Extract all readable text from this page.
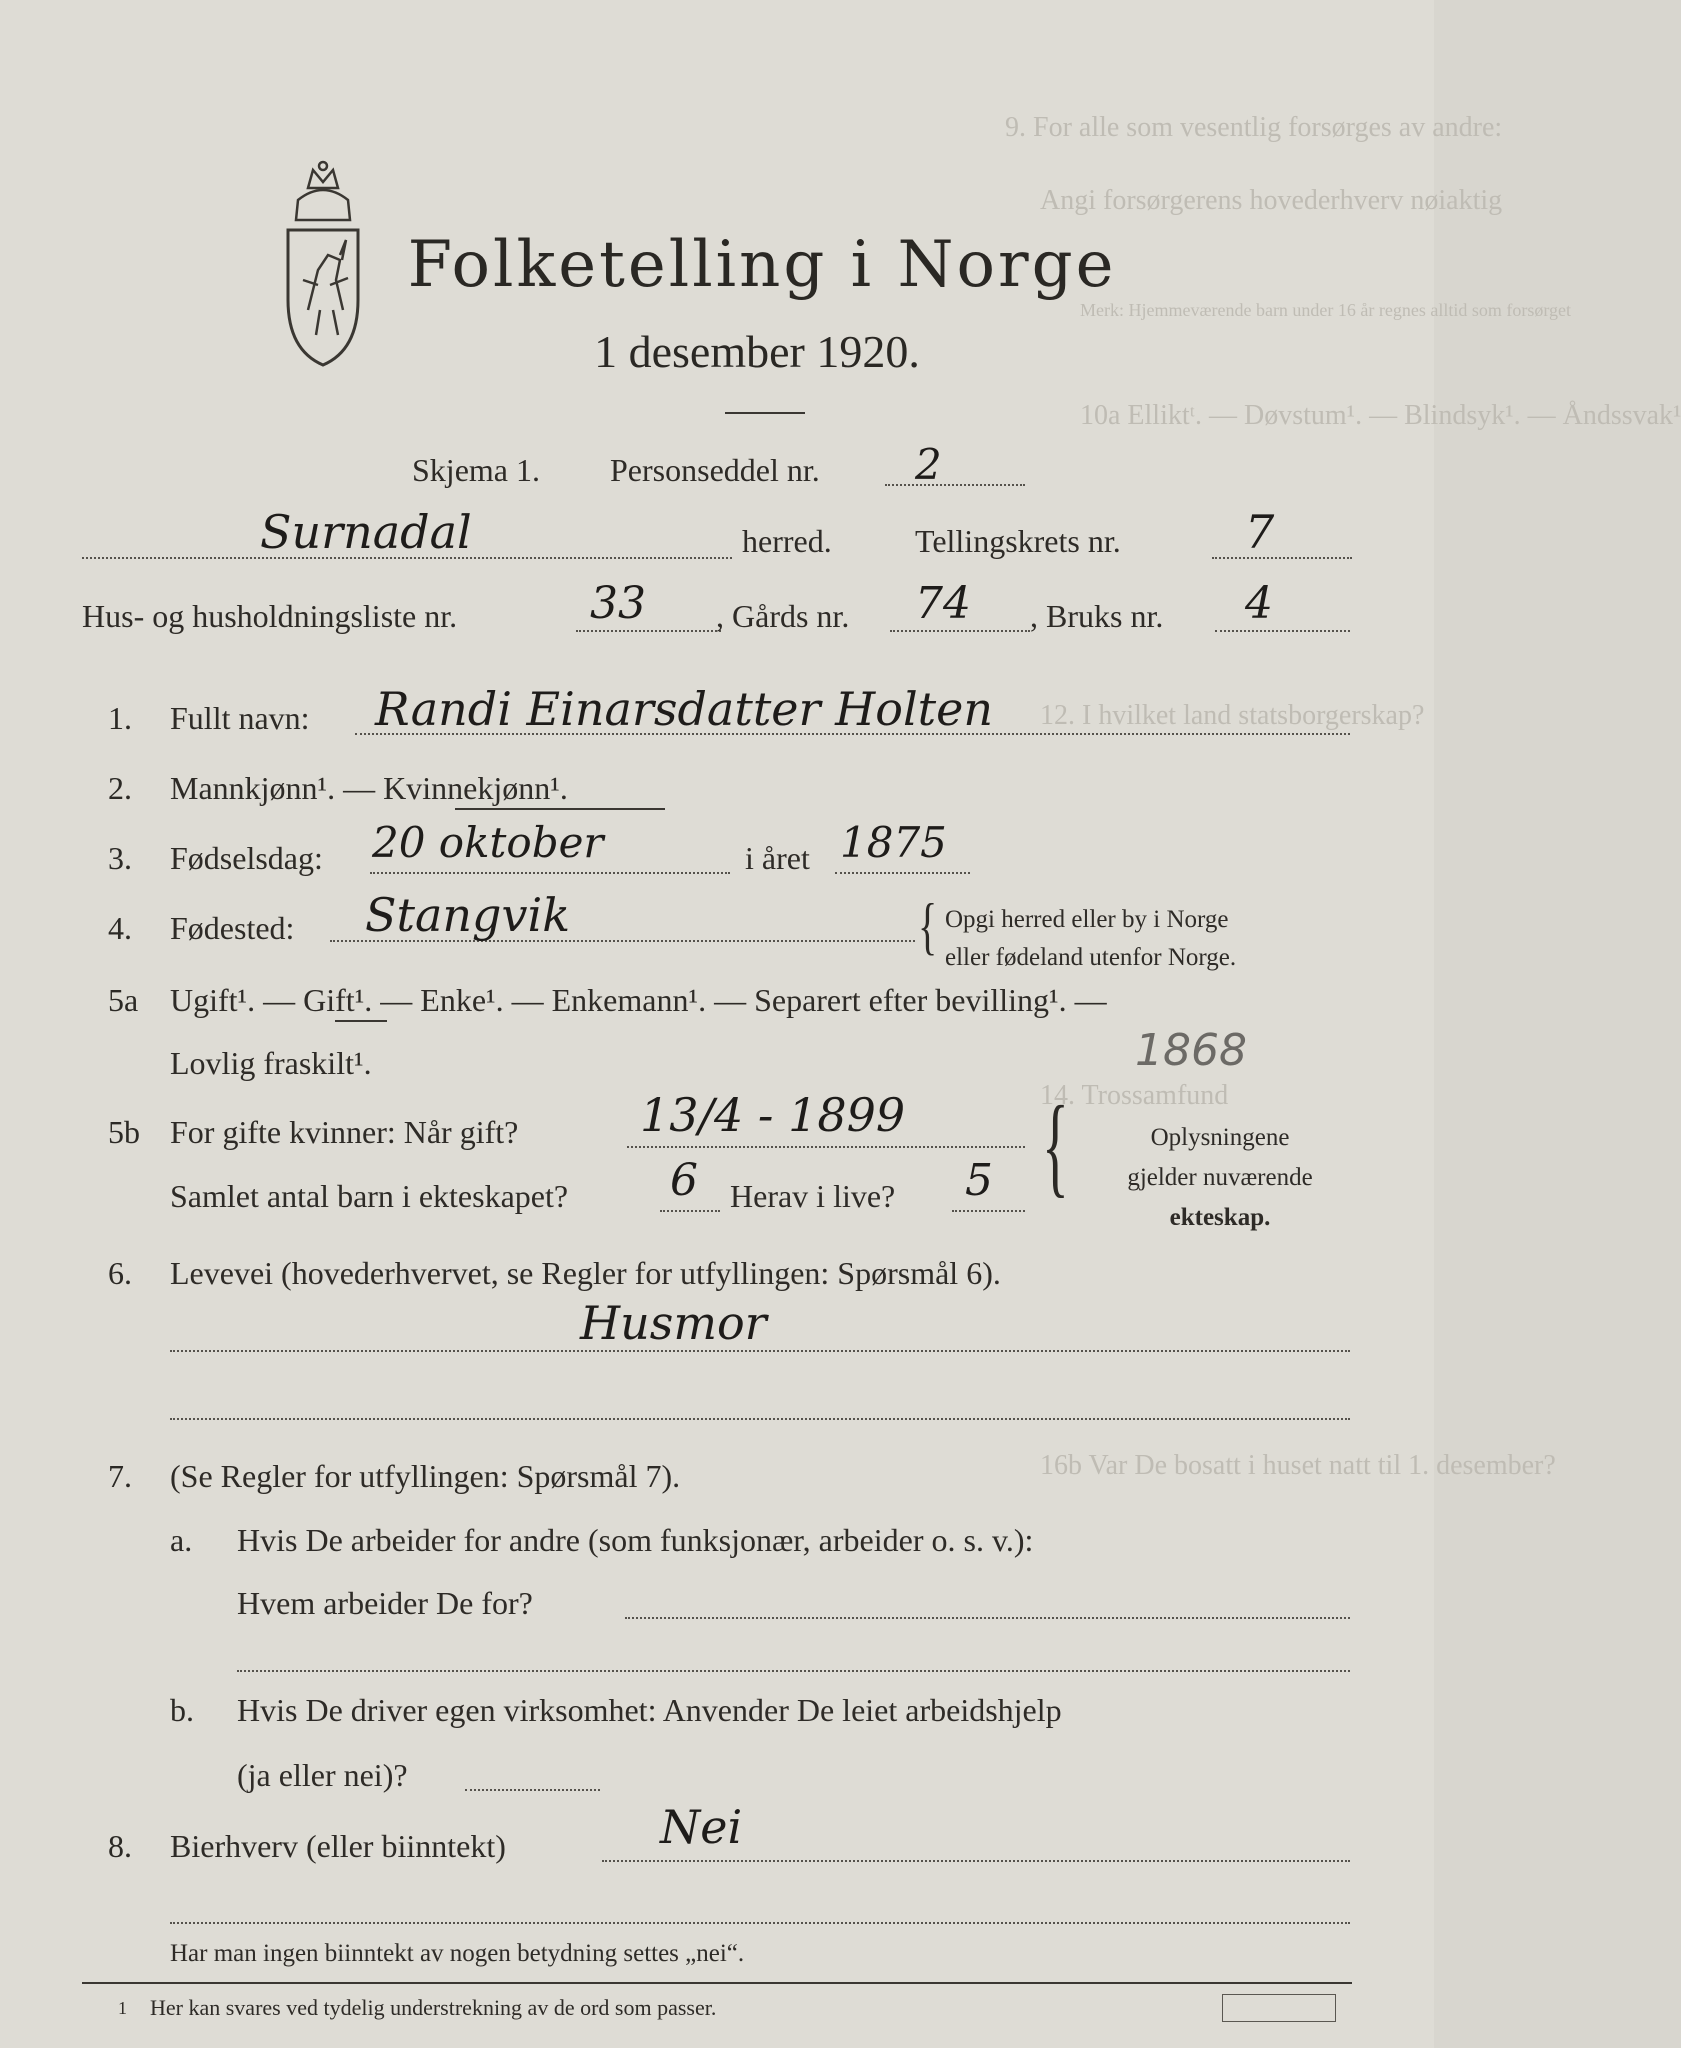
9. For alle som vesentlig forsørges av andre:
Angi forsørgerens hovederhverv nøiaktig
Merk: Hjemmeværende barn under 16 år regnes alltid som forsørget
10a Elliktᵗ. — Døvstum¹. — Blindsyk¹. — Åndssvak¹
12. I hvilket land statsborgerskap?
14. Trossamfund
16b Var De bosatt i huset natt til 1. desember?
Folketelling i Norge
1 desember 1920.
Skjema 1. Personseddel nr. 2
Surnadal	herred.	Tellingskrets nr.	7
Hus- og husholdningsliste nr.	33 , Gårds nr. 74 , Bruks nr. 4
1. Fullt navn: Randi Einarsdatter Holten
2. Mannkjønn¹. — Kvinnekjønn¹.
3. Fødselsdag: 20 oktober	i året 1875
4. Fødested: Stangvik	{ Opgi herred eller by i Norge
eller fødeland utenfor Norge.
5a Ugift¹. — Gift¹. — Enke¹. — Enkemann¹. — Separert efter bevilling¹. —
Lovlig fraskilt¹.	1868
5b For gifte kvinner: Når gift?	13/4 - 1899
Samlet antal barn i ekteskapet? 6 Herav i live? 5 {	Oplysningene
gjelder nuværende
ekteskap.
6. Levevei (hovederhvervet, se Regler for utfyllingen: Spørsmål 6).
Husmor
7. (Se Regler for utfyllingen: Spørsmål 7).
a. Hvis De arbeider for andre (som funksjonær, arbeider o. s. v.):
Hvem arbeider De for?
b. Hvis De driver egen virksomhet: Anvender De leiet arbeidshjelp
(ja eller nei)?
8. Bierhverv (eller biinntekt)	Nei
Har man ingen biinntekt av nogen betydning settes „nei“.
1 Her kan svares ved tydelig understrekning av de ord som passer.
